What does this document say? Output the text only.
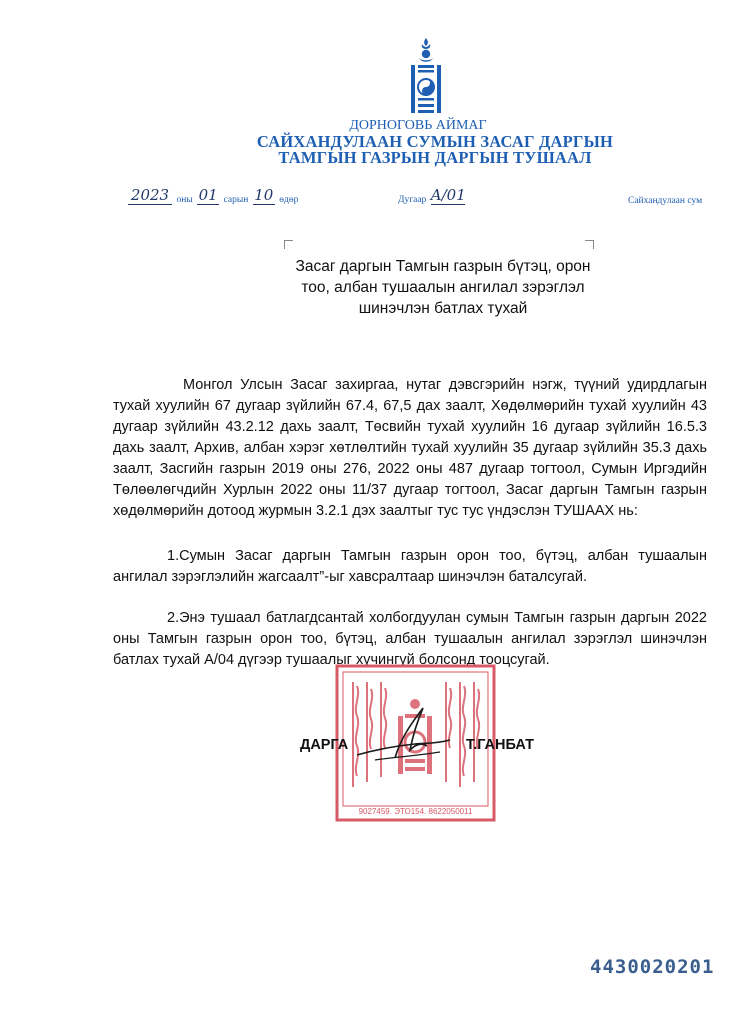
ДОРНОГОВЬ АЙМАГ
САЙХАНДУЛААН СУМЫН ЗАСАГ ДАРГЫН
ТАМГЫН ГАЗРЫН ДАРГЫН ТУШААЛ
2023 оны 01 сарын 10 өдөр	Дугаар A/01	Сайхандулаан сум
Засаг даргын Тамгын газрын бүтэц, орон тоо, албан тушаалын ангилал зэрэглэл шинэчлэн батлах тухай
Монгол Улсын Засаг захиргаа, нутаг дэвсгэрийн нэгж, түүний удирдлагын тухай хуулийн 67 дугаар зүйлийн 67.4, 67,5 дах заалт, Хөдөлмөрийн тухай хуулийн 43 дугаар зүйлийн 43.2.12 дахь заалт, Төсвийн тухай хуулийн 16 дугаар зүйлийн 16.5.3 дахь заалт, Архив, албан хэрэг хөтлөлтийн тухай хуулийн 35 дугаар зүйлийн 35.3 дахь заалт, Засгийн газрын 2019 оны 276, 2022 оны 487 дугаар тогтоол, Сумын Иргэдийн Төлөөлөгчдийн Хурлын 2022 оны 11/37 дугаар тогтоол, Засаг даргын Тамгын газрын хөдөлмөрийн дотоод журмын 3.2.1 дэх заалтыг тус тус үндэслэн ТУШААХ нь:
1.Сумын Засаг даргын Тамгын газрын орон тоо, бүтэц, албан тушаалын ангилал зэрэглэлийн жагсаалт”-ыг хавсралтаар шинэчлэн баталсугай.
2.Энэ тушаал батлагдсантай холбогдуулан сумын Тамгын газрын даргын 2022 оны Тамгын газрын орон тоо, бүтэц, албан тушаалын ангилал зэрэглэл шинэчлэн батлах тухай А/04 дүгээр тушаалыг хүчингүй болсонд тооцсугай.
9027459. ЭТО154. 8622050011
ДАРГА	Т.ГАНБАТ
4430020201
